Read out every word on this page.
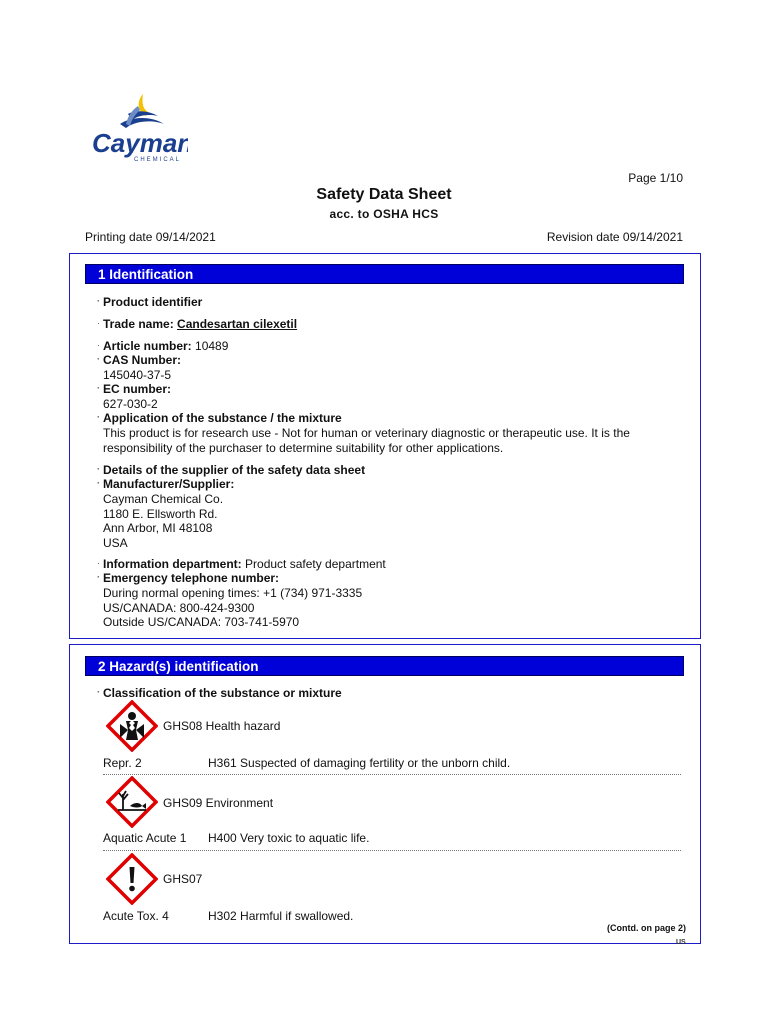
Cayman
CHEMICAL
Page 1/10
Safety Data Sheet
acc. to OSHA HCS
Printing date 09/14/2021	Revision date 09/14/2021
1 Identification
· Product identifier
· Trade name: Candesartan cilexetil
· Article number: 10489
· CAS Number:
145040-37-5
· EC number:
627-030-2
· Application of the substance / the mixture
This product is for research use - Not for human or veterinary diagnostic or therapeutic use. It is the
responsibility of the purchaser to determine suitability for other applications.
· Details of the supplier of the safety data sheet
· Manufacturer/Supplier:
Cayman Chemical Co.
1180 E. Ellsworth Rd.
Ann Arbor, MI 48108
USA
· Information department: Product safety department
· Emergency telephone number:
During normal opening times: +1 (734) 971-3335
US/CANADA: 800-424-9300
Outside US/CANADA: 703-741-5970
2 Hazard(s) identification
· Classification of the substance or mixture
GHS08 Health hazard
Repr. 2	H361 Suspected of damaging fertility or the unborn child.
GHS09 Environment
Aquatic Acute 1 H400 Very toxic to aquatic life.
GHS07
Acute Tox. 4	H302 Harmful if swallowed.
(Contd. on page 2)
US
